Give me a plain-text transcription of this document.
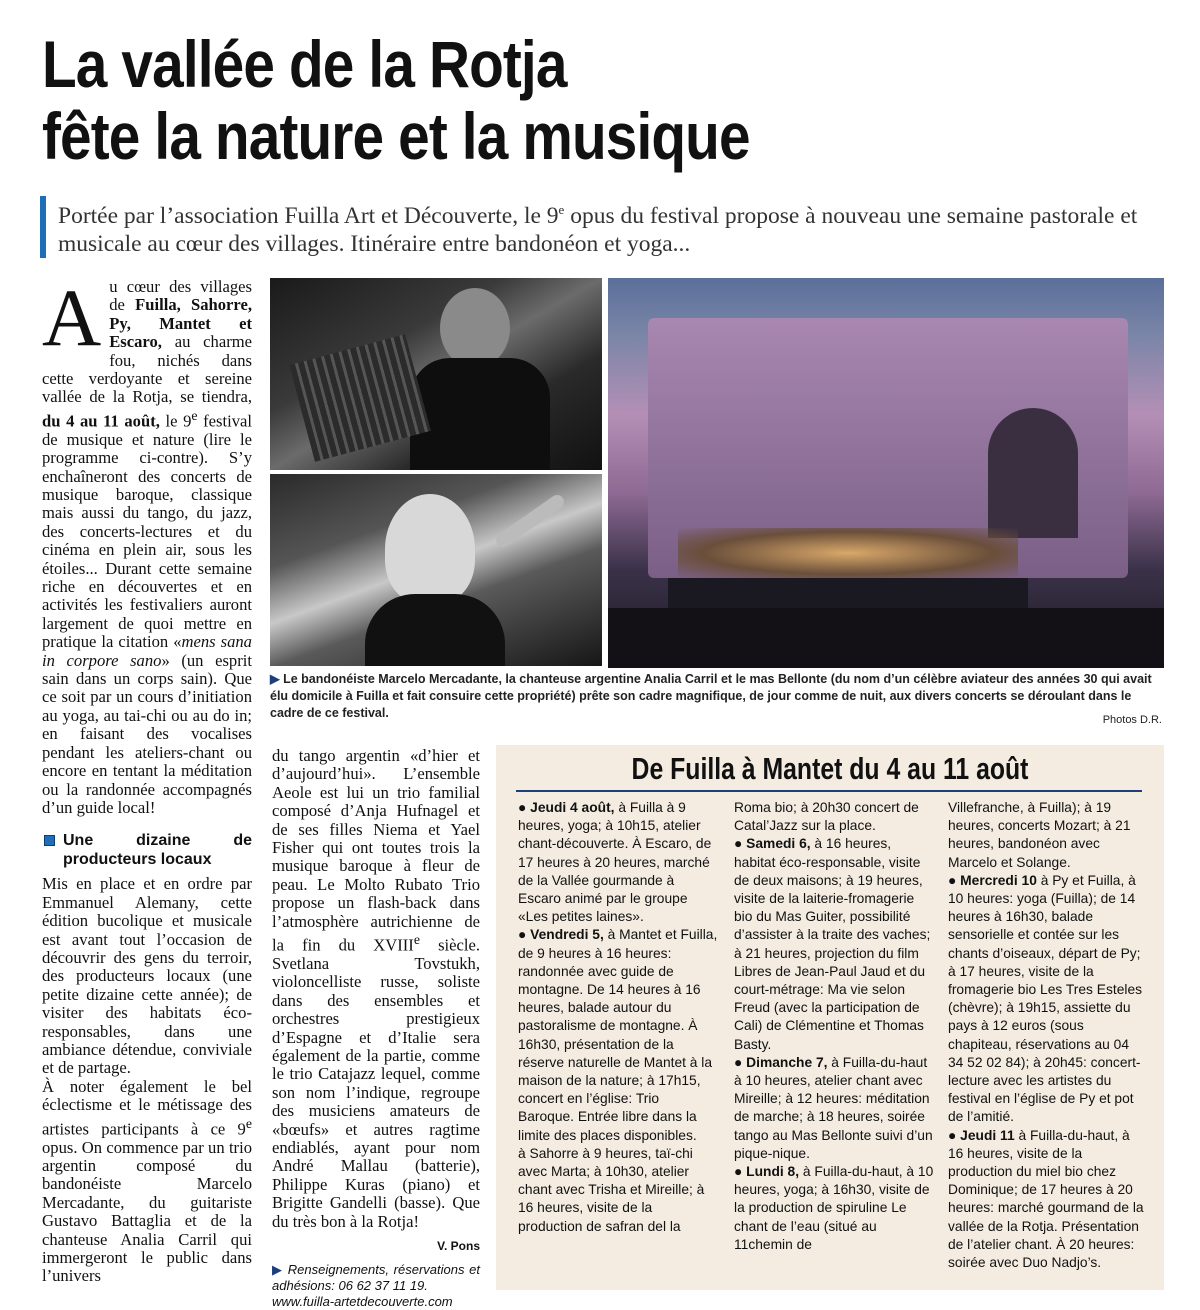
La vallée de la Rotja
fête la nature et la musique
Portée par l’association Fuilla Art et Découverte, le 9e opus du festival propose à nouveau une semaine pastorale et musicale au cœur des villages. Itinéraire entre bandonéon et yoga...
A u cœur des villages de Fuilla, Sahorre, Py, Mantet et Escaro, au charme fou, nichés dans cette verdoyante et sereine vallée de la Rotja, se tiendra, du 4 au 11 août, le 9e festival de musique et nature (lire le programme ci-contre). S’y enchaîneront des concerts de musique baroque, classique mais aussi du tango, du jazz, des concerts-lectures et du cinéma en plein air, sous les étoiles... Durant cette semaine riche en découvertes et en activités les festivaliers auront largement de quoi mettre en pratique la citation «mens sana in corpore sano» (un esprit sain dans un corps sain). Que ce soit par un cours d’initiation au yoga, au tai-chi ou au do in; en faisant des vocalises pendant les ateliers-chant ou encore en tentant la méditation ou la randonnée accompagnés d’un guide local!

Une dizaine de producteurs locaux

Mis en place et en ordre par Emmanuel Alemany, cette édition bucolique et musicale est avant tout l’occasion de découvrir des gens du terroir, des producteurs locaux (une petite dizaine cette année); de visiter des habitats éco-responsables, dans une ambiance détendue, conviviale et de partage.

À noter également le bel éclectisme et le métissage des artistes participants à ce 9e opus. On commence par un trio argentin composé du bandonéiste Marcelo Mercadante, du guitariste Gustavo Battaglia et de la chanteuse Analia Carril qui immergeront le public dans l’univers

du tango argentin «d’hier et d’aujourd’hui». L’ensemble Aeole est lui un trio familial composé d’Anja Hufnagel et de ses filles Niema et Yael Fisher qui ont toutes trois la musique baroque à fleur de peau. Le Molto Rubato Trio propose un flash-back dans l’atmosphère autrichienne de la fin du XVIIIe siècle. Svetlana Tovstukh, violoncelliste russe, soliste dans des ensembles et orchestres prestigieux d’Espagne et d’Italie sera également de la partie, comme le trio Catajazz lequel, comme son nom l’indique, regroupe des musiciens amateurs de «bœufs» et autres ragtime endiablés, ayant pour nom André Mallau (batterie), Philippe Kuras (piano) et Brigitte Gandelli (basse). Que du très bon à la Rotja!

V. Pons
▶ Renseignements, réservations et adhésions: 06 62 37 11 19.
www.fuilla-artetdecouverte.com
▶ Le bandonéiste Marcelo Mercadante, la chanteuse argentine Analia Carril et le mas Bellonte (du nom d’un célèbre aviateur des années 30 qui avait élu domicile à Fuilla et fait consuire cette propriété) prête son cadre magnifique, de jour comme de nuit, aux divers concerts se déroulant dans le cadre de ce festival.	Photos D.R.
De Fuilla à Mantet du 4 au 11 août

● Jeudi 4 août, à Fuilla à 9 heures, yoga; à 10h15, atelier chant-découverte. À Escaro, de 17 heures à 20 heures, marché de la Vallée gourmande à Escaro animé par le groupe «Les petites laines».

● Vendredi 5, à Mantet et Fuilla, de 9 heures à 16 heures: randonnée avec guide de montagne. De 14 heures à 16 heures, balade autour du pastoralisme de montagne. À 16h30, présentation de la réserve naturelle de Mantet à la maison de la nature; à 17h15, concert en l’église: Trio Baroque. Entrée libre dans la limite des places disponibles.

à Sahorre à 9 heures, taï-chi avec Marta; à 10h30, atelier chant avec Trisha et Mireille; à 16 heures, visite de la production de safran del la

Roma bio; à 20h30 concert de Catal’Jazz sur la place.

● Samedi 6, à 16 heures, habitat éco-responsable, visite de deux maisons; à 19 heures, visite de la laiterie-fromagerie bio du Mas Guiter, possibilité d’assister à la traite des vaches; à 21 heures, projection du film Libres de Jean-Paul Jaud et du court-métrage: Ma vie selon Freud (avec la participation de Cali) de Clémentine et Thomas Basty.

● Dimanche 7, à Fuilla-du-haut à 10 heures, atelier chant avec Mireille; à 12 heures: méditation de marche; à 18 heures, soirée tango au Mas Bellonte suivi d’un pique-nique.

● Lundi 8, à Fuilla-du-haut, à 10 heures, yoga; à 16h30, visite de la production de spiruline Le chant de l’eau (situé au 11chemin de

Villefranche, à Fuilla); à 19 heures, concerts Mozart; à 21 heures, bandonéon avec Marcelo et Solange.

● Mercredi 10 à Py et Fuilla, à 10 heures: yoga (Fuilla); de 14 heures à 16h30, balade sensorielle et contée sur les chants d’oiseaux, départ de Py; à 17 heures, visite de la fromagerie bio Les Tres Esteles (chèvre); à 19h15, assiette du pays à 12 euros (sous chapiteau, réservations au 04 34 52 02 84); à 20h45: concert-lecture avec les artistes du festival en l’église de Py et pot de l’amitié.

● Jeudi 11 à Fuilla-du-haut, à 16 heures, visite de la production du miel bio chez Dominique; de 17 heures à 20 heures: marché gourmand de la vallée de la Rotja. Présentation de l’atelier chant. À 20 heures: soirée avec Duo Nadjo’s.
